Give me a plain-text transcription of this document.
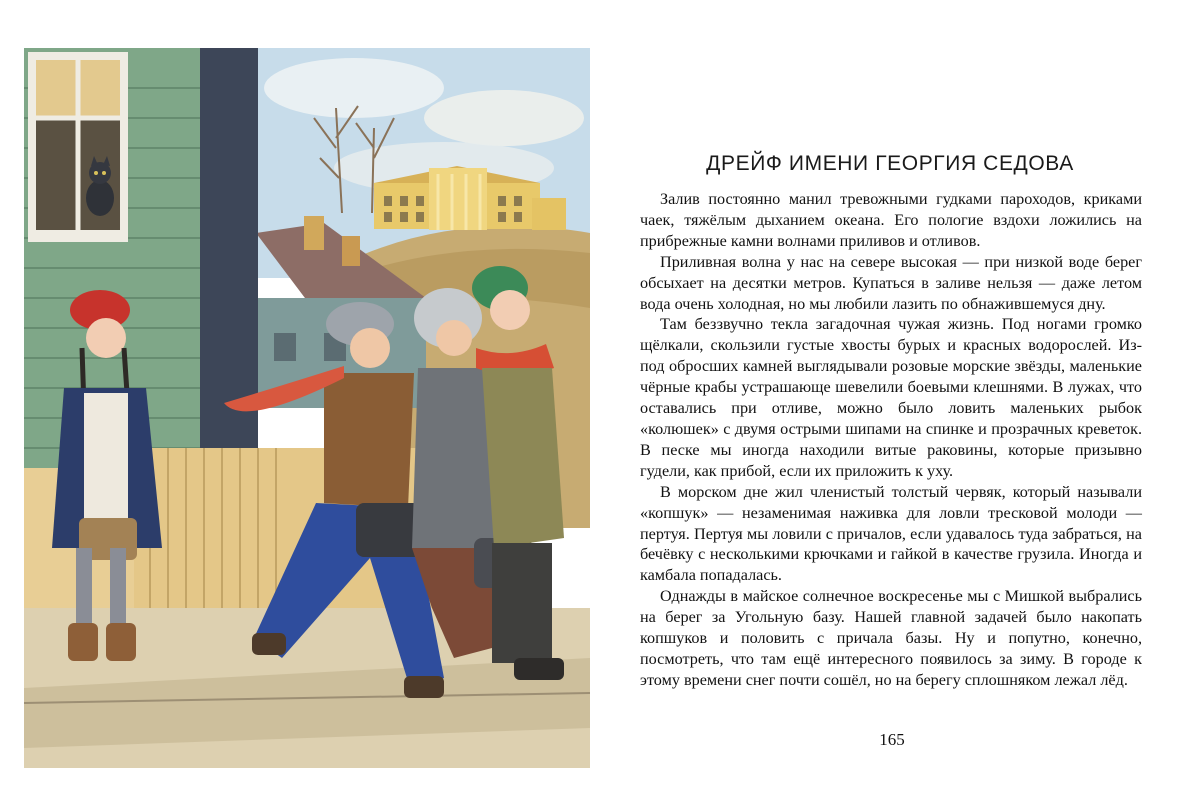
ДРЕЙФ ИМЕНИ ГЕОРГИЯ СЕДОВА

Залив постоянно манил тревожными гудками пароходов, криками чаек, тяжёлым дыханием океана. Его пологие вздохи ложились на прибрежные камни волнами приливов и отливов.

Приливная волна у нас на севере высокая — при низкой воде берег обсыхает на десятки метров. Купаться в заливе нельзя — даже летом вода очень холодная, но мы любили лазить по обнажившемуся дну.

Там беззвучно текла загадочная чужая жизнь. Под ногами громко щёлкали, скользили густые хвосты бурых и красных водорослей. Из-под обросших камней выглядывали розовые морские звёзды, маленькие чёрные крабы устрашающе шевелили боевыми клешнями. В лужах, что оставались при отливе, можно было ловить маленьких рыбок «колюшек» с двумя острыми шипами на спинке и прозрачных креветок. В песке мы иногда находили витые раковины, которые призывно гудели, как прибой, если их приложить к уху.

В морском дне жил членистый толстый червяк, который называли «копшук» — незаменимая наживка для ловли тресковой молоди — пертуя. Пертуя мы ловили с причалов, если удавалось туда забраться, на бечёвку с несколькими крючками и гайкой в качестве грузила. Иногда и камбала попадалась.

Однажды в майское солнечное воскресенье мы с Мишкой выбрались на берег за Угольную базу. Нашей главной задачей было накопать копшуков и половить с причала базы. Ну и попутно, конечно, посмотреть, что там ещё интересного появилось за зиму. В городе к этому времени снег почти сошёл, но на берегу сплошняком лежал лёд.

165
